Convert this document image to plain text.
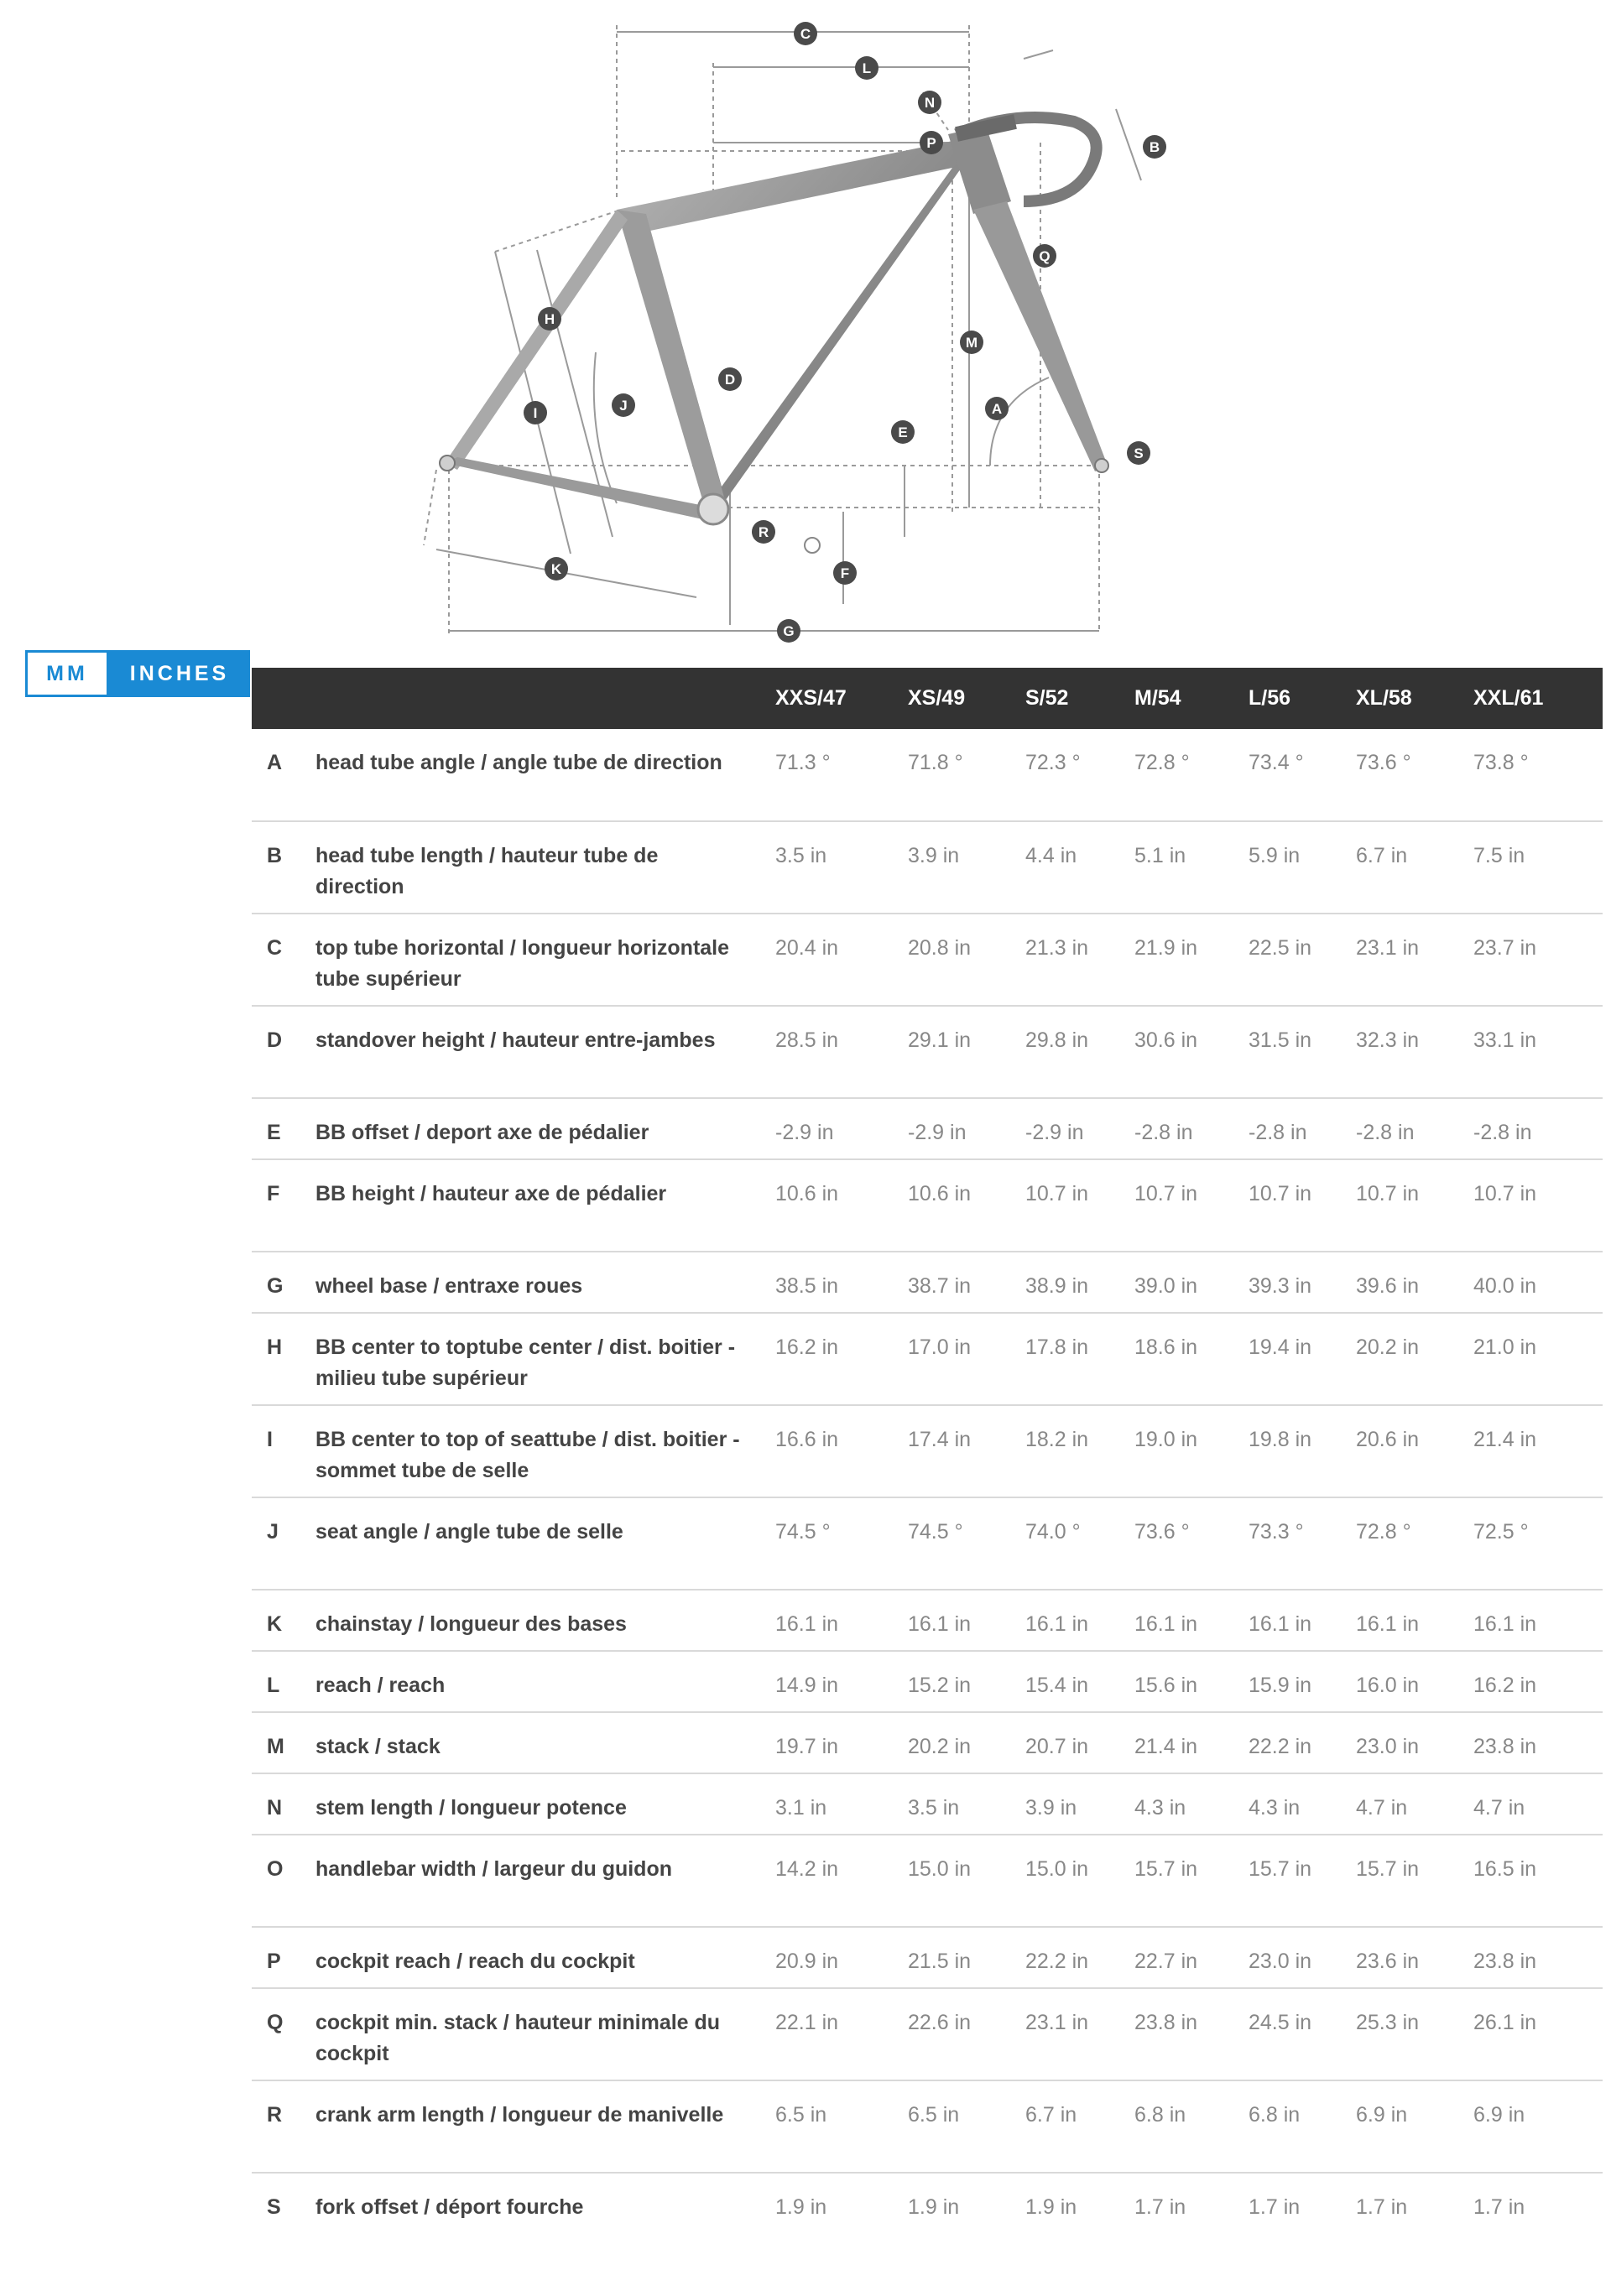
C
L
N
P	B
Q
H
M
D
J
I	A
E
S
R
F
K
G
MM	INCHES
		XXS/47	XS/49	S/52	M/54	L/56	XL/58	XXL/61
A	head tube angle / angle tube de direction	71.3 °	71.8 °	72.3 °	72.8 °	73.4 °	73.6 °	73.8 °
B	head tube length / hauteur tube de direction	3.5 in	3.9 in	4.4 in	5.1 in	5.9 in	6.7 in	7.5 in
C	top tube horizontal / longueur horizontale tube supérieur	20.4 in	20.8 in	21.3 in	21.9 in	22.5 in	23.1 in	23.7 in
D	standover height / hauteur entre-jambes	28.5 in	29.1 in	29.8 in	30.6 in	31.5 in	32.3 in	33.1 in
E	BB offset / deport axe de pédalier	-2.9 in	-2.9 in	-2.9 in	-2.8 in	-2.8 in	-2.8 in	-2.8 in
F	BB height / hauteur axe de pédalier	10.6 in	10.6 in	10.7 in	10.7 in	10.7 in	10.7 in	10.7 in
G	wheel base / entraxe roues	38.5 in	38.7 in	38.9 in	39.0 in	39.3 in	39.6 in	40.0 in
H	BB center to toptube center / dist. boitier - milieu tube supérieur	16.2 in	17.0 in	17.8 in	18.6 in	19.4 in	20.2 in	21.0 in
I	BB center to top of seattube / dist. boitier - sommet tube de selle	16.6 in	17.4 in	18.2 in	19.0 in	19.8 in	20.6 in	21.4 in
J	seat angle / angle tube de selle	74.5 °	74.5 °	74.0 °	73.6 °	73.3 °	72.8 °	72.5 °
K	chainstay / longueur des bases	16.1 in	16.1 in	16.1 in	16.1 in	16.1 in	16.1 in	16.1 in
L	reach / reach	14.9 in	15.2 in	15.4 in	15.6 in	15.9 in	16.0 in	16.2 in
M	stack / stack	19.7 in	20.2 in	20.7 in	21.4 in	22.2 in	23.0 in	23.8 in
N	stem length / longueur potence	3.1 in	3.5 in	3.9 in	4.3 in	4.3 in	4.7 in	4.7 in
O	handlebar width / largeur du guidon	14.2 in	15.0 in	15.0 in	15.7 in	15.7 in	15.7 in	16.5 in
P	cockpit reach / reach du cockpit	20.9 in	21.5 in	22.2 in	22.7 in	23.0 in	23.6 in	23.8 in
Q	cockpit min. stack / hauteur minimale du cockpit	22.1 in	22.6 in	23.1 in	23.8 in	24.5 in	25.3 in	26.1 in
R	crank arm length / longueur de manivelle	6.5 in	6.5 in	6.7 in	6.8 in	6.8 in	6.9 in	6.9 in
S	fork offset / déport fourche	1.9 in	1.9 in	1.9 in	1.7 in	1.7 in	1.7 in	1.7 in
